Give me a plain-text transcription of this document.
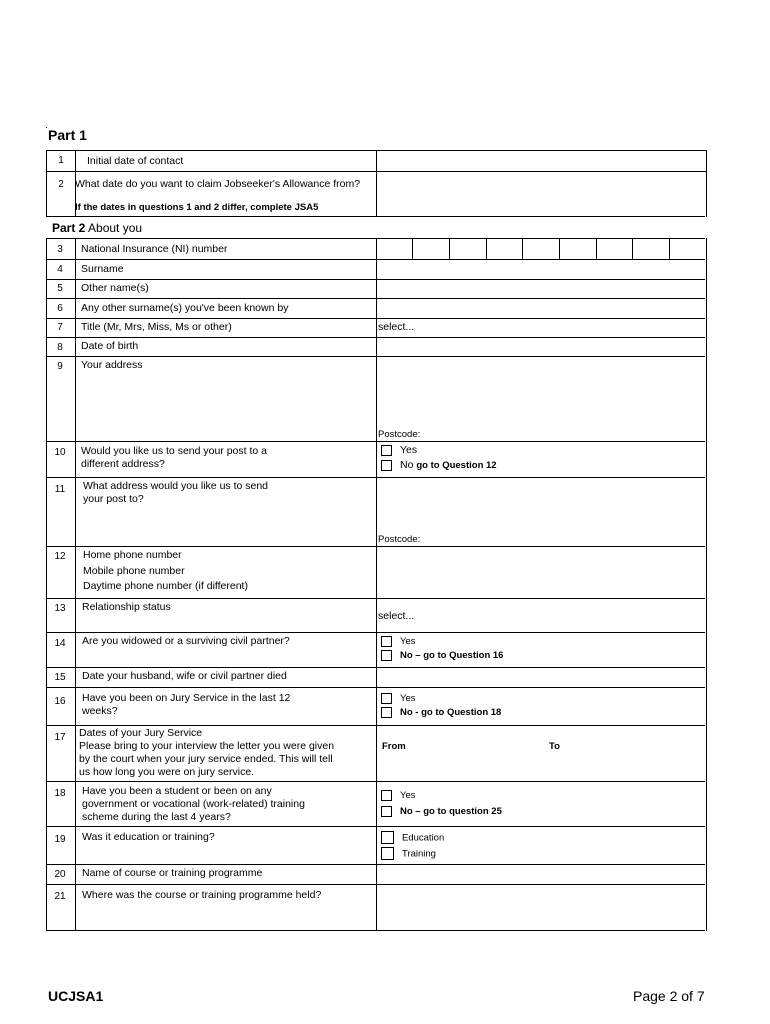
Part 1
1	Initial date of contact
2	What date do you want to claim Jobseeker's Allowance from?
If the dates in questions 1 and 2 differ, complete JSA5
Part 2 About you
3	National Insurance (NI) number
4	Surname
5	Other name(s)
6	Any other surname(s) you've been known by
7	Title (Mr, Mrs, Miss, Ms or other)	select...
8	Date of birth
9	Your address
Postcode:
10	Would you like us to send your post to a
different address?
Yes
No go to Question 12
11	What address would you like us to send
your post to?
Postcode:
12	Home phone number
Mobile phone number
Daytime phone number (if different)
13	Relationship status
select...
14	Are you widowed or a surviving civil partner?	Yes
No – go to Question 16
15	Date your husband, wife or civil partner died
16	Have you been on Jury Service in the last 12
weeks?
Yes
No - go to Question 18
17	Dates of your Jury Service
Please bring to your interview the letter you were given
by the court when your jury service ended. This will tell
us how long you were on jury service.
From	To
18	Have you been a student or been on any
government or vocational (work-related) training
scheme during the last 4 years?
Yes
No – go to question 25
19	Was it education or training?	Education
Training
20	Name of course or training programme
21	Where was the course or training programme held?
UCJSA1	Page 2 of 7
